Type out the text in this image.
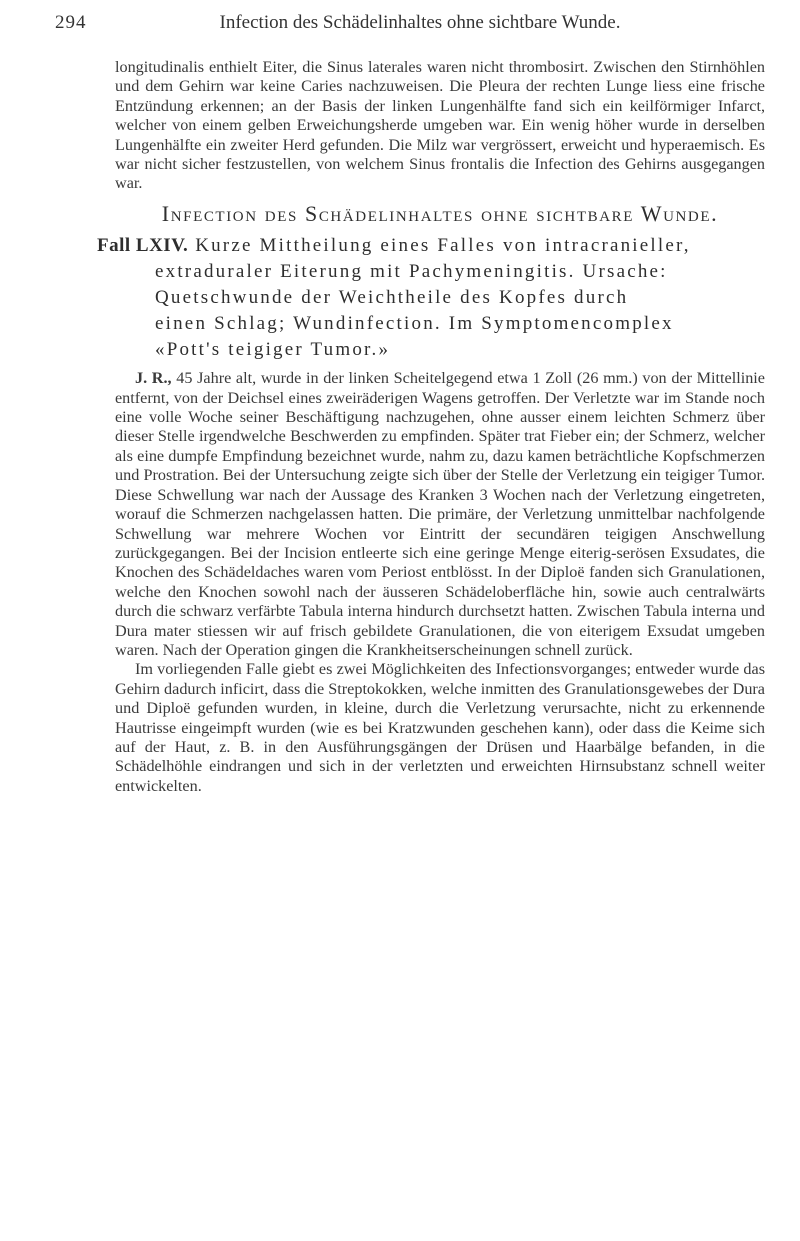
294	Infection des Schädelinhaltes ohne sichtbare Wunde.

longitudinalis enthielt Eiter, die Sinus laterales waren nicht thrombosirt. Zwischen den Stirnhöhlen und dem Gehirn war keine Caries nachzuweisen. Die Pleura der rechten Lunge liess eine frische Entzündung erkennen; an der Basis der linken Lungenhälfte fand sich ein keilförmiger Infarct, welcher von einem gelben Erweichungsherde umgeben war. Ein wenig höher wurde in derselben Lungenhälfte ein zweiter Herd gefunden. Die Milz war vergrössert, erweicht und hyperaemisch. Es war nicht sicher festzustellen, von welchem Sinus frontalis die Infection des Gehirns ausgegangen war.

Infection des Schädelinhaltes ohne sichtbare Wunde.
Fall LXIV. Kurze Mittheilung eines Falles von intracranieller,
extraduraler Eiterung mit Pachymeningitis. Ursache:
Quetschwunde der Weichtheile des Kopfes durch
einen Schlag; Wundinfection. Im Symptomencomplex
«Pott's teigiger Tumor.»

J. R., 45 Jahre alt, wurde in der linken Scheitelgegend etwa 1 Zoll (26 mm.) von der Mittellinie entfernt, von der Deichsel eines zweiräderigen Wagens getroffen. Der Verletzte war im Stande noch eine volle Woche seiner Beschäftigung nachzugehen, ohne ausser einem leichten Schmerz über dieser Stelle irgendwelche Beschwerden zu empfinden. Später trat Fieber ein; der Schmerz, welcher als eine dumpfe Empfindung bezeichnet wurde, nahm zu, dazu kamen beträchtliche Kopfschmerzen und Prostration. Bei der Untersuchung zeigte sich über der Stelle der Verletzung ein teigiger Tumor. Diese Schwellung war nach der Aussage des Kranken 3 Wochen nach der Verletzung eingetreten, worauf die Schmerzen nachgelassen hatten. Die primäre, der Verletzung unmittelbar nachfolgende Schwellung war mehrere Wochen vor Eintritt der secundären teigigen Anschwellung zurückgegangen. Bei der Incision entleerte sich eine geringe Menge eiterig-serösen Exsudates, die Knochen des Schädeldaches waren vom Periost entblösst. In der Diploë fanden sich Granulationen, welche den Knochen sowohl nach der äusseren Schädeloberfläche hin, sowie auch centralwärts durch die schwarz verfärbte Tabula interna hindurch durchsetzt hatten. Zwischen Tabula interna und Dura mater stiessen wir auf frisch gebildete Granulationen, die von eiterigem Exsudat umgeben waren. Nach der Operation gingen die Krankheitserscheinungen schnell zurück.

Im vorliegenden Falle giebt es zwei Möglichkeiten des Infectionsvorganges; entweder wurde das Gehirn dadurch inficirt, dass die Streptokokken, welche inmitten des Granulationsgewebes der Dura und Diploë gefunden wurden, in kleine, durch die Verletzung verursachte, nicht zu erkennende Hautrisse eingeimpft wurden (wie es bei Kratzwunden geschehen kann), oder dass die Keime sich auf der Haut, z. B. in den Ausführungsgängen der Drüsen und Haarbälge befanden, in die Schädelhöhle eindrangen und sich in der verletzten und erweichten Hirnsubstanz schnell weiter entwickelten.
